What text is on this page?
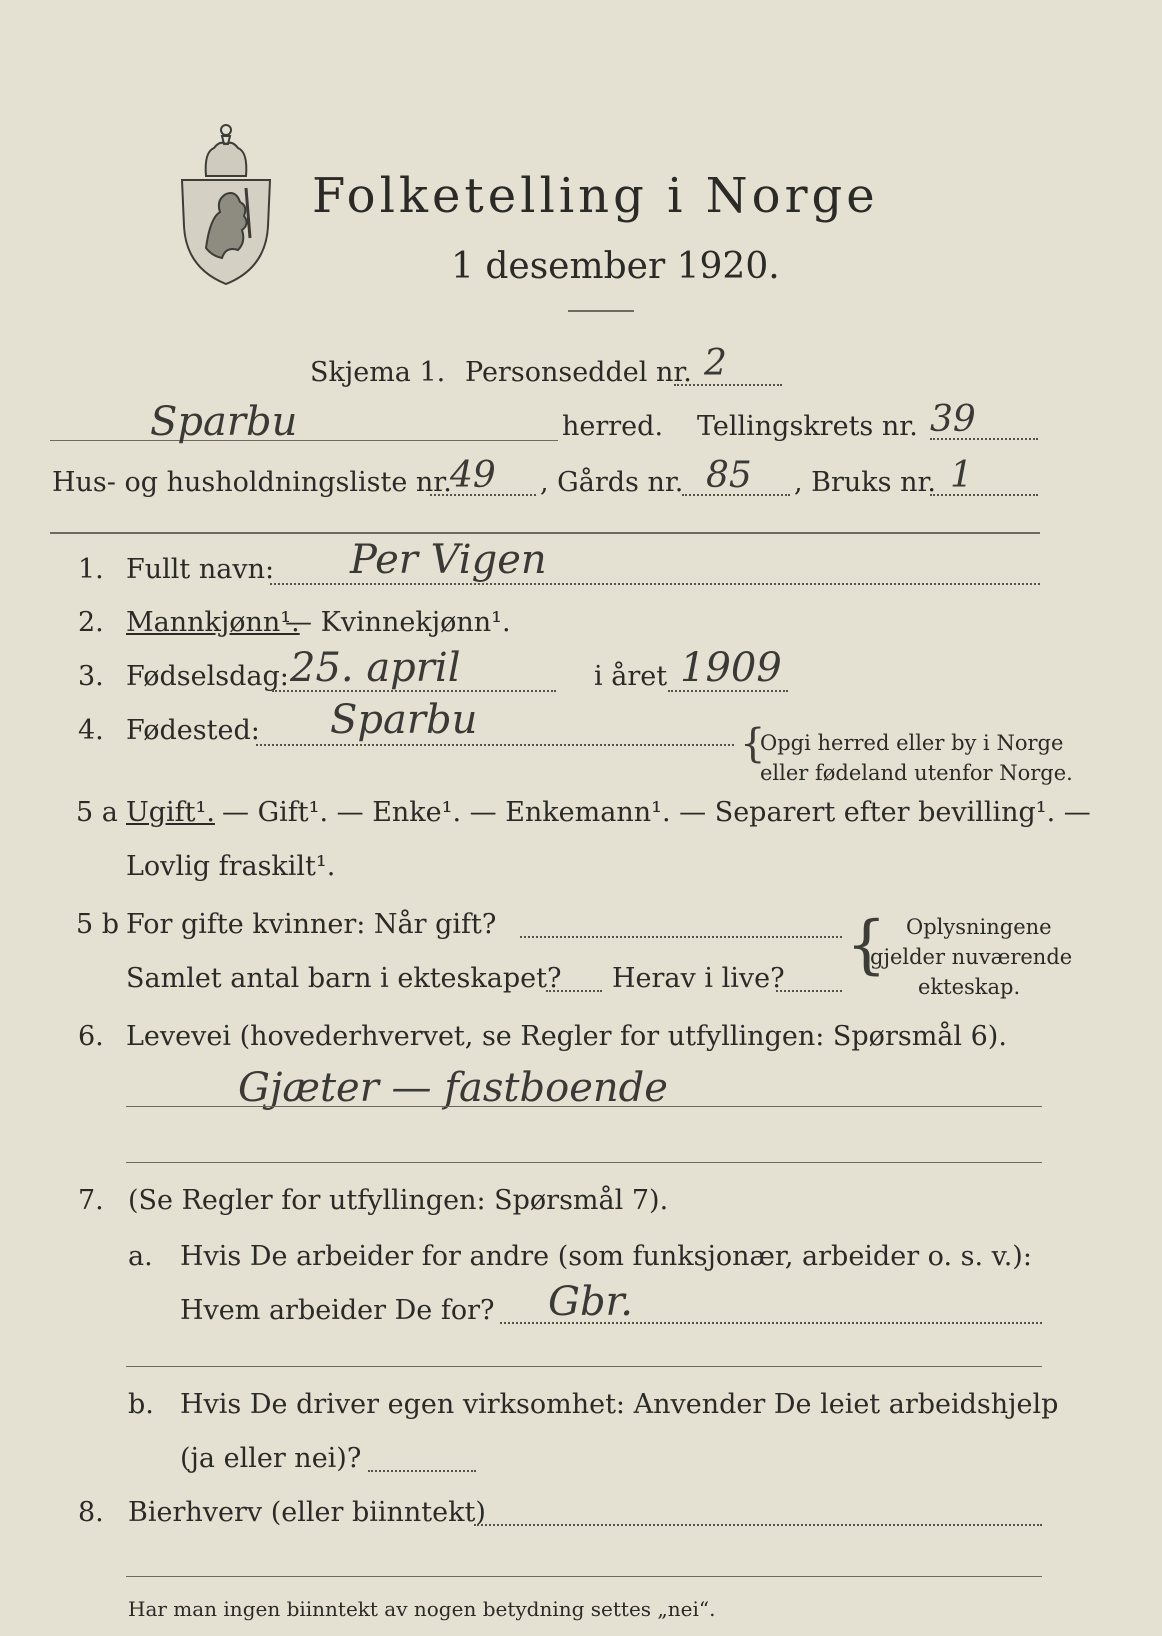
Folketelling i Norge
1 desember 1920.
Skjema 1. Personseddel nr. 2
Sparbu	herred. Tellingskrets nr. 39
Hus- og husholdningsliste nr.
49 , Gårds nr. 85 , Bruks nr. 1
1. Fullt navn: Per Vigen
2. Mannkjønn¹.
— Kvinnekjønn¹.
3. Fødselsdag: 25. april	i året 1909
4. Fødested: Sparbu
{
Opgi herred eller by i Norge
eller fødeland utenfor Norge.
5 a Ugift¹. — Gift¹. — Enke¹. — Enkemann¹. — Separert efter bevilling¹. —
Lovlig fraskilt¹.
5 b For gifte kvinner: Når gift?
Samlet antal barn i ekteskapet? Herav i live? { Oplysningene
gjelder nuværende
ekteskap.
6. Levevei (hovederhvervet, se Regler for utfyllingen: Spørsmål 6).
Gjæter — fastboende
7. (Se Regler for utfyllingen: Spørsmål 7).
a. Hvis De arbeider for andre (som funksjonær, arbeider o. s. v.):
Hvem arbeider De for? Gbr.
b. Hvis De driver egen virksomhet: Anvender De leiet arbeidshjelp
(ja eller nei)?
8. Bierhverv (eller biinntekt)
Har man ingen biinntekt av nogen betydning settes „nei“.
